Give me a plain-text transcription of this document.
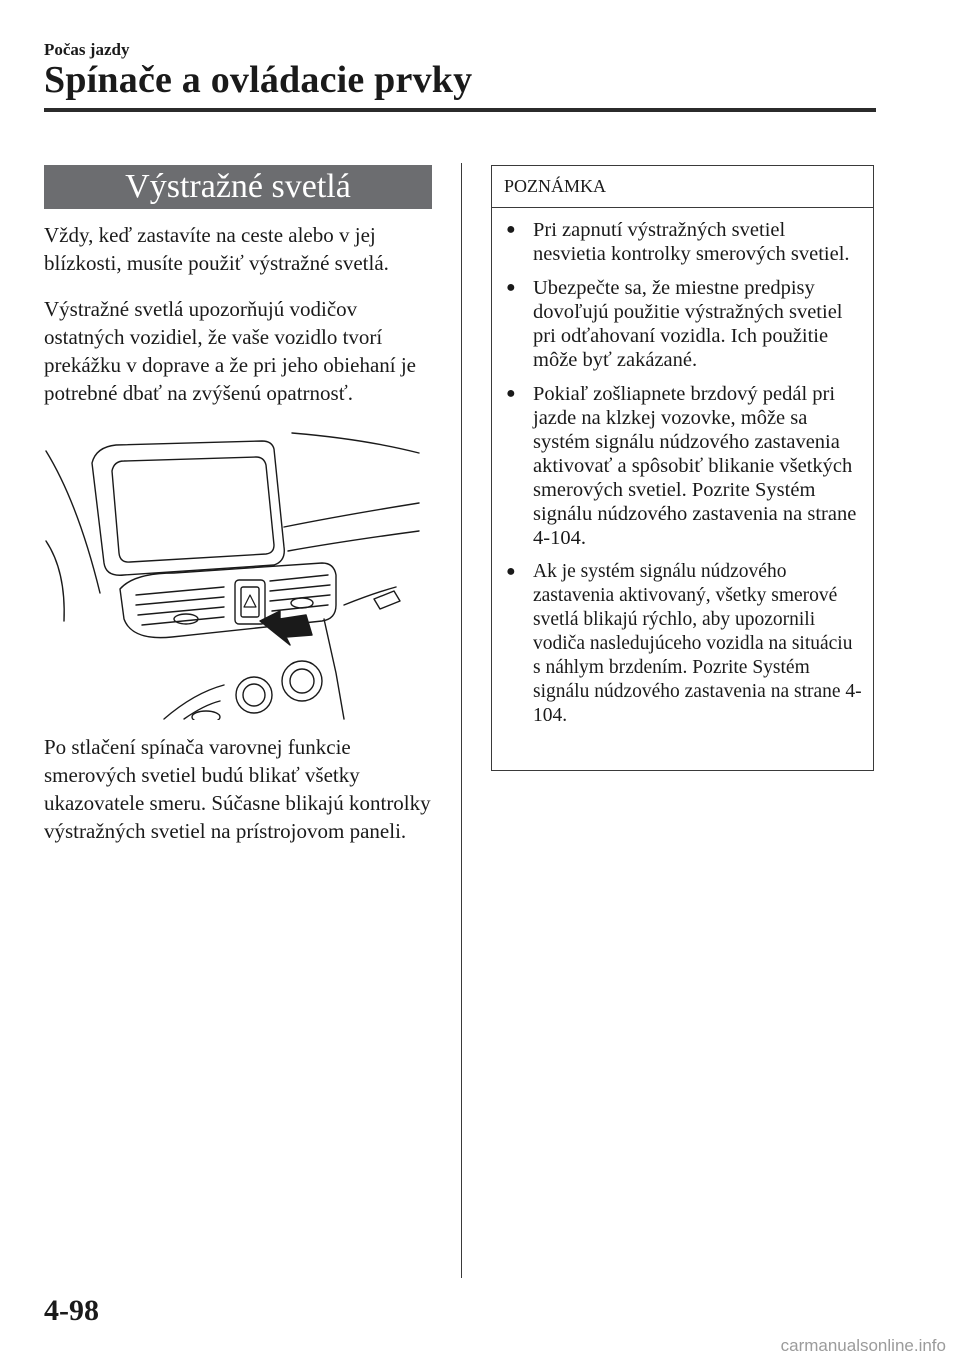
Počas jazdy
Spínače a ovládacie prvky
Výstražné svetlá

Vždy, keď zastavíte na ceste alebo v jej blízkosti, musíte použiť výstražné svetlá.

Výstražné svetlá upozorňujú vodičov ostatných vozidiel, že vaše vozidlo tvorí prekážku v doprave a že pri jeho obiehaní je potrebné dbať na zvýšenú opatrnosť.

Po stlačení spínača varovnej funkcie smerových svetiel budú blikať všetky ukazovatele smeru. Súčasne blikajú kontrolky výstražných svetiel na prístrojovom paneli.

POZNÁMKA
● Pri zapnutí výstražných svetiel nesvietia kontrolky smerových svetiel.
● Ubezpečte sa, že miestne predpisy dovoľujú použitie výstražných svetiel pri odťahovaní vozidla. Ich použitie môže byť zakázané.
● Pokiaľ zošliapnete brzdový pedál pri jazde na klzkej vozovke, môže sa systém signálu núdzového zastavenia aktivovať a spôsobiť blikanie všetkých smerových svetiel. Pozrite Systém signálu núdzového zastavenia na strane 4-104.
● Ak je systém signálu núdzového zastavenia aktivovaný, všetky smerové svetlá blikajú rýchlo, aby upozornili vodiča nasledujúceho vozidla na situáciu s náhlym brzdením. Pozrite Systém signálu núdzového zastavenia na strane 4-104.
4-98
carmanualsonline.info
